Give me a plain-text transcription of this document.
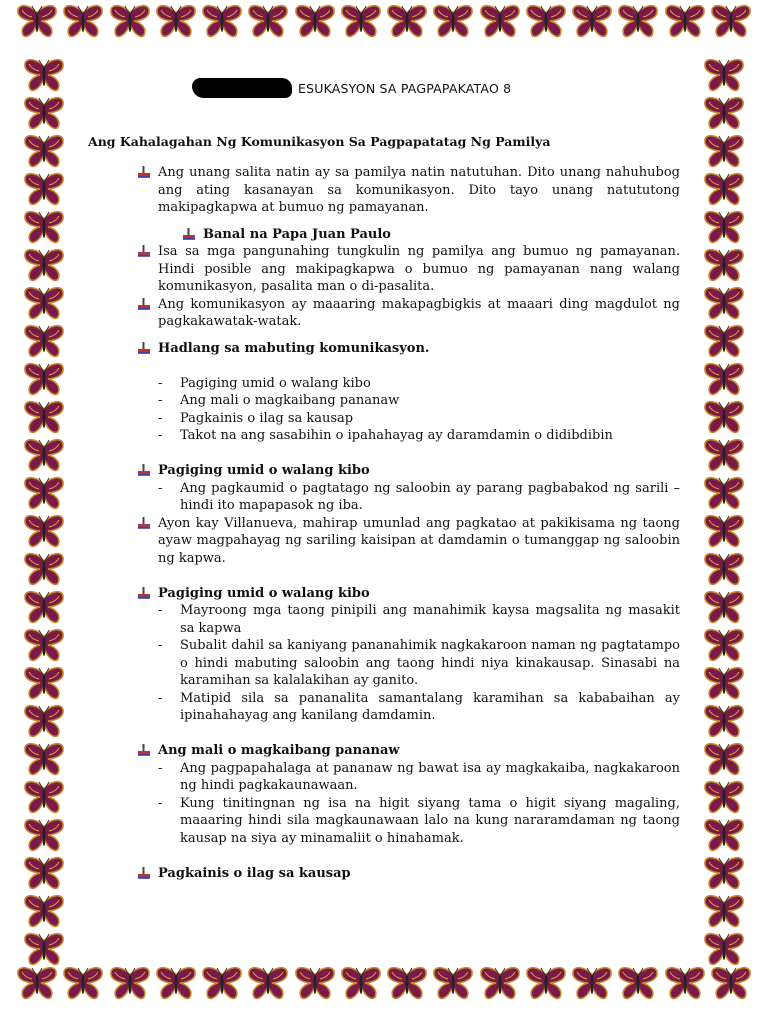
ESUKASYON SA PAGPAPAKATAO 8
Ang Kahalagahan Ng Komunikasyon Sa Pagpapatatag Ng Pamilya

Ang unang salita natin ay sa pamilya natin natutuhan. Dito unang nahuhubog ang ating kasanayan sa komunikasyon. Dito tayo unang natututong makipagkapwa at bumuo ng pamayanan.

Banal na Papa Juan Paulo

Isa sa mga pangunahing tungkulin ng pamilya ang bumuo ng pamayanan. Hindi posible ang makipagkapwa o bumuo ng pamayanan nang walang komunikasyon, pasalita man o di-pasalita.

Ang komunikasyon ay maaaring makapagbigkis at maaari ding magdulot ng pagkakawatak-watak.

Hadlang sa mabuting komunikasyon.

- Pagiging umid o walang kibo

- Ang mali o magkaibang pananaw

- Pagkainis o ilag sa kausap

- Takot na ang sasabihin o ipahahayag ay daramdamin o didibdibin

Pagiging umid o walang kibo

- Ang pagkaumid o pagtatago ng saloobin ay parang pagbabakod ng sarili – hindi ito mapapasok ng iba.

Ayon kay Villanueva, mahirap umunlad ang pagkatao at pakikisama ng taong ayaw magpahayag ng sariling kaisipan at damdamin o tumanggap ng saloobin ng kapwa.

Pagiging umid o walang kibo

- Mayroong mga taong pinipili ang manahimik kaysa magsalita ng masakit sa kapwa

- Subalit dahil sa kaniyang pananahimik nagkakaroon naman ng pagtatampo o hindi mabuting saloobin ang taong hindi niya kinakausap. Sinasabi na karamihan sa kalalakihan ay ganito.

- Matipid sila sa pananalita samantalang karamihan sa kababaihan ay ipinahahayag ang kanilang damdamin.

Ang mali o magkaibang pananaw

- Ang pagpapahalaga at pananaw ng bawat isa ay magkakaiba, nagkakaroon ng hindi pagkakaunawaan.

- Kung tinitingnan ng isa na higit siyang tama o higit siyang magaling, maaaring hindi sila magkaunawaan lalo na kung nararamdaman ng taong kausap na siya ay minamaliit o hinahamak.

Pagkainis o ilag sa kausap
